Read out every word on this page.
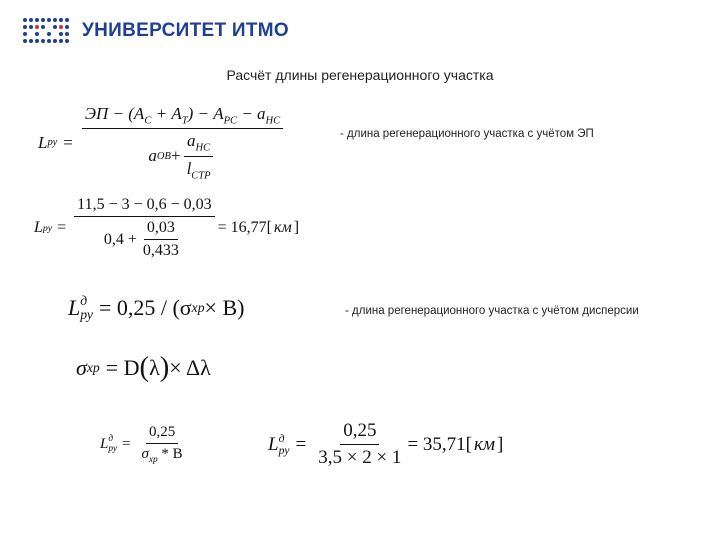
УНИВЕРСИТЕТ ИТМО
Расчёт длины регенерационного участка
L ру = $\frac{ЭП - (A_С + A_Т) - A_{РС} - a_{НС}}{a ОВ + \frac{a_{НС}}{l_{СТР}}}$	- длина регенерационного участка с учётом ЭП
L ру = $\frac{11,5 - 3 - 0,6 - 0,03}{0,4 + \frac{0,03}{0,433}} = 16,77$[ км ]
L д
ру = 0,25 / (σ хр × B)	- длина регенерационного участка с учётом дисперсии
σ хр = D ( λ ) × Δλ
L д
ру = $\frac{0,25}{\sigma_{хр} * B}$	L д
ру = $\frac{0,25}{3,5 \times 2 \times 1} = 35,71$[ км ]
